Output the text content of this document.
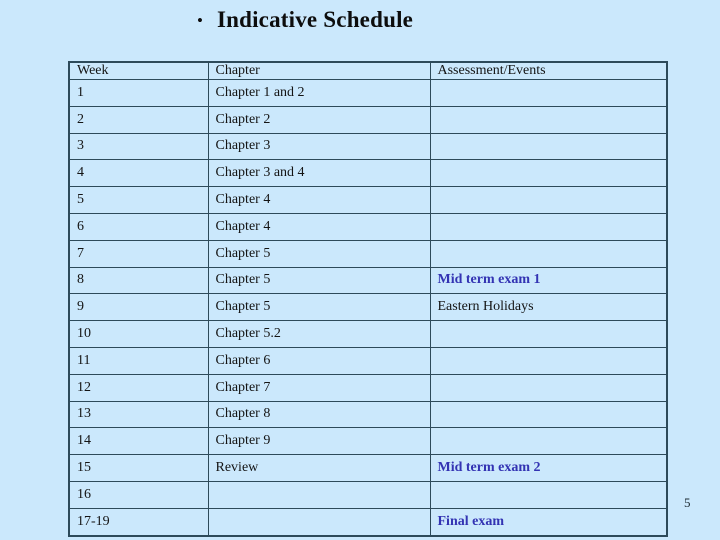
• Indicative Schedule
Week	Chapter	Assessment/Events
1	Chapter 1 and 2	
2	Chapter 2	
3	Chapter 3	
4	Chapter 3 and 4	
5	Chapter 4	
6	Chapter 4	
7	Chapter 5	
8	Chapter 5	Mid term exam 1
9	Chapter 5	Eastern Holidays
10	Chapter 5.2	
11	Chapter 6	
12	Chapter 7	
13	Chapter 8	
14	Chapter 9	
15	Review	Mid term exam 2
16		
17-19		Final exam
5
